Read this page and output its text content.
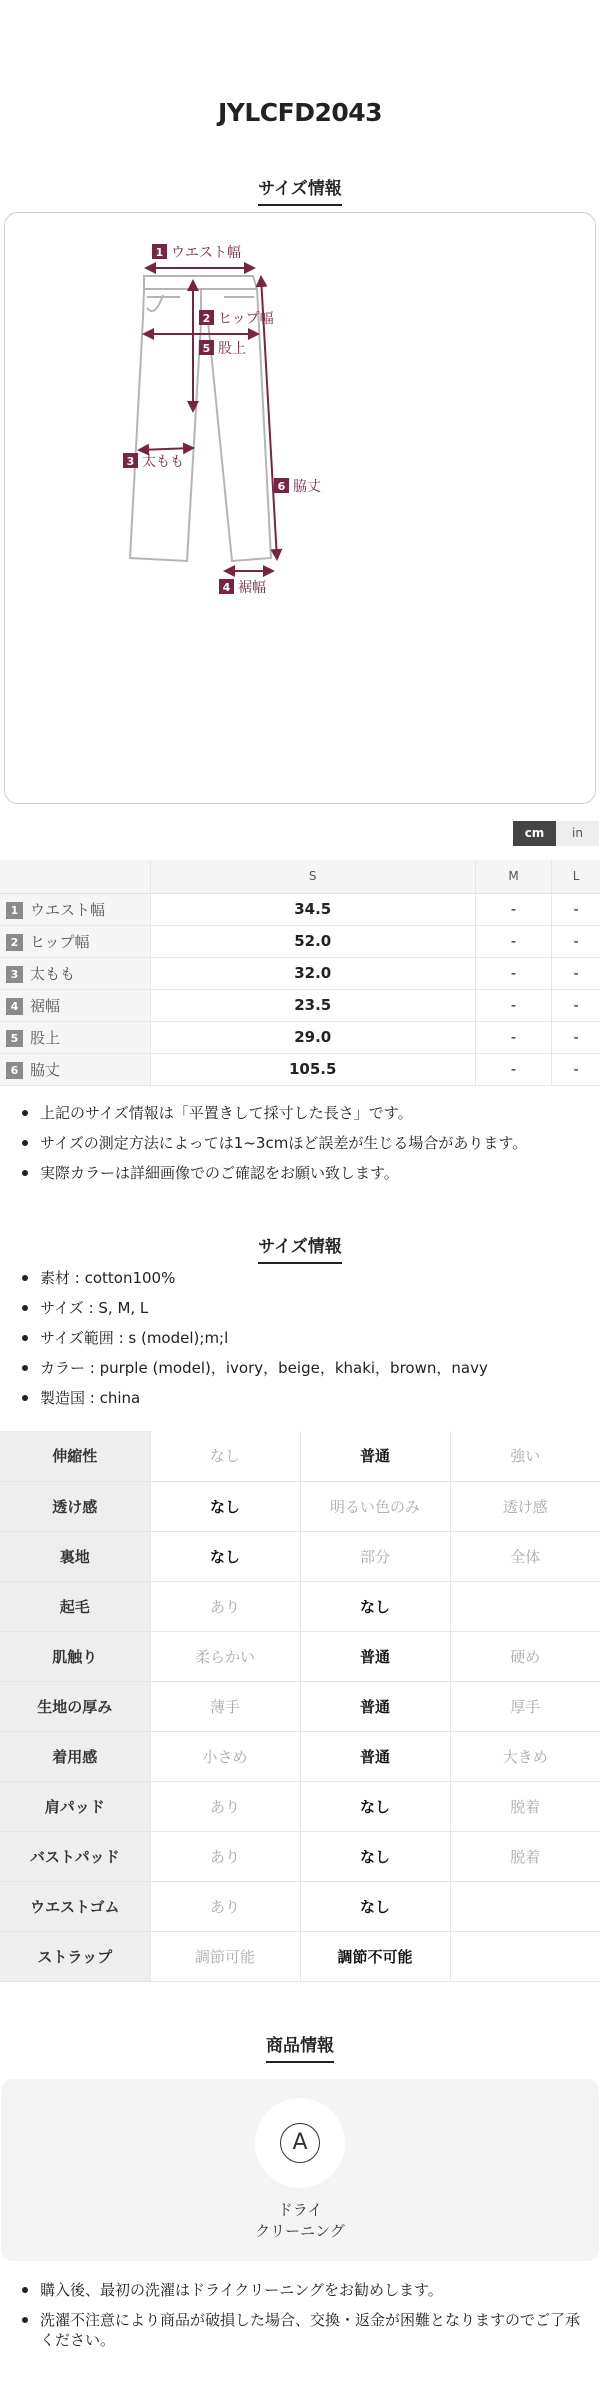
JYLCFD2043
サイズ情報
1 ウエスト幅
2 ヒップ幅
5 股上
3 太もも
6 脇丈
4 裾幅
cm	in
	S	M	L
1 ウエスト幅	34.5	-	-
2 ヒップ幅	52.0	-	-
3 太もも	32.0	-	-
4 裾幅	23.5	-	-
5 股上	29.0	-	-
6 脇丈	105.5	-	-
上記のサイズ情報は「平置きして採寸した長さ」です。
サイズの測定方法によっては1~3cmほど誤差が生じる場合があります。
実際カラーは詳細画像でのご確認をお願い致します。
サイズ情報
素材 : cotton100%
サイズ : S, M, L
サイズ範囲 : s (model);m;l
カラー : purple (model)，ivory，beige，khaki，brown，navy
製造国 : china
伸縮性	なし	普通	強い
透け感	なし	明るい色のみ	透け感
裏地	なし	部分	全体
起毛	あり	なし	
肌触り	柔らかい	普通	硬め
生地の厚み	薄手	普通	厚手
着用感	小さめ	普通	大きめ
肩パッド	あり	なし	脱着
バストパッド	あり	なし	脱着
ウエストゴム	あり	なし	
ストラップ	調節可能	調節不可能	
商品情報
A
ドライ
クリーニング
購入後、最初の洗濯はドライクリーニングをお勧めします。
洗濯不注意により商品が破損した場合、交換・返金が困難となりますのでご了承ください。
